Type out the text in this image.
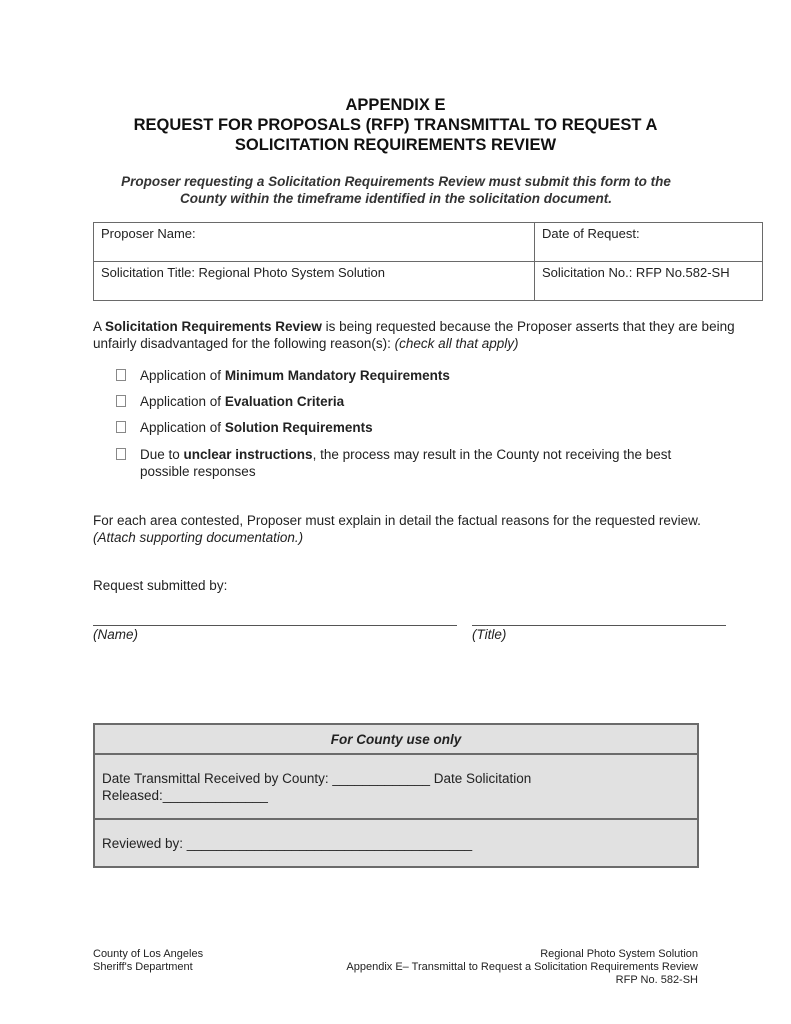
APPENDIX E
REQUEST FOR PROPOSALS (RFP) TRANSMITTAL TO REQUEST A
SOLICITATION REQUIREMENTS REVIEW
Proposer requesting a Solicitation Requirements Review must submit this form to the
County within the timeframe identified in the solicitation document.
Proposer Name:	Date of Request:
Solicitation Title: Regional Photo System Solution	Solicitation No.: RFP No.582-SH
A Solicitation Requirements Review is being requested because the Proposer asserts that they are being unfairly disadvantaged for the following reason(s): (check all that apply)
Application of Minimum Mandatory Requirements
Application of Evaluation Criteria
Application of Solution Requirements
Due to unclear instructions, the process may result in the County not receiving the best possible responses
For each area contested, Proposer must explain in detail the factual reasons for the requested review.
(Attach supporting documentation.)
Request submitted by:
(Name)	(Title)
For County use only

Date Transmittal Received by County: _____________ Date Solicitation Released:______________

Reviewed by: ______________________________________
County of Los Angeles
Sheriff's Department
Regional Photo System Solution
Appendix E– Transmittal to Request a Solicitation Requirements Review
RFP No. 582-SH
